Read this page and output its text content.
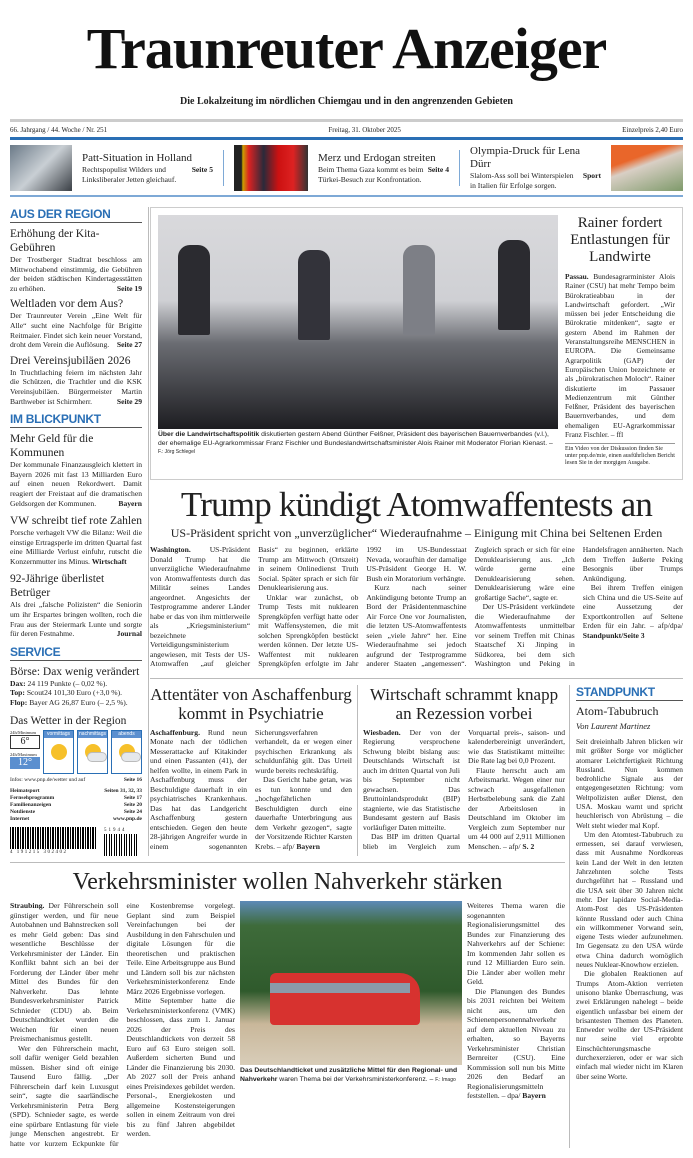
Traunreuter Anzeiger
Die Lokalzeitung im nördlichen Chiemgau und in den angrenzenden Gebieten
66. Jahrgang / 44. Woche / Nr. 251	Freitag, 31. Oktober 2025	Einzelpreis 2,40 Euro
Patt-Situation in Holland
Seite 5
Rechtspopulist Wilders und Linksliberaler Jetten gleichauf.
Merz und Erdogan streiten
Seite 4
Beim Thema Gaza kommt es beim Türkei-Besuch zur Konfrontation.
Olympia-Druck für Lena Dürr
Sport
Slalom-Ass soll bei Winterspielen in Italien für Erfolge sorgen.
AUS DER REGION
Erhöhung der Kita-Gebühren
Der Trostberger Stadtrat beschloss am Mittwochabend einstimmig, die Gebühren der beiden städtischen Kindertagesstätten zu erhöhen.	Seite 19
Weltladen vor dem Aus?
Der Traunreuter Verein „Eine Welt für Alle“ sucht eine Nachfolge für Brigitte Reitmaier. Findet sich kein neuer Vorstand, droht dem Verein die Auflösung. Seite 27
Drei Vereinsjubiläen 2026
In Truchtlaching feiern im nächsten Jahr die Schützen, die Trachtler und die KSK Vereinsjubiläen. Bürgermeister Martin Barthweber ist Schirmherr.	Seite 29
IM BLICKPUNKT
Mehr Geld für die Kommunen
Der kommunale Finanzausgleich klettert in Bayern 2026 mit fast 13 Milliarden Euro auf einen neuen Rekordwert. Damit reagiert der Freistaat auf die dramatischen Geldsorgen der Kommunen.	Bayern
VW schreibt tief rote Zahlen
Porsche verhagelt VW die Bilanz: Weil die einstige Ertragsperle im dritten Quartal fast eine Milliarde Verlust einfuhr, rutscht die Konzernmutter ins Minus. Wirtschaft
92-Jährige überlistet Betrüger
Als drei „falsche Polizisten“ die Seniorin um ihr Erspartes bringen wollten, roch die Frau aus der Steiermark Lunte und sorgte für deren Festnahme.	Journal
SERVICE
Börse: Dax wenig verändert
Dax: 24 119 Punkte (– 0,02 %).
Top: Scout24 101,30 Euro (+3,0 %).
Flop: Bayer AG 26,87 Euro (– 2,5 %).
Das Wetter in der Region
24h/Minimum
6°
24h/Maximum
12°
vormittags	nachmittags	abends
Infos: www.pnp.de/wetter und auf	Seite 16
Heimatsport	Seiten 31, 32, 33
Fernsehprogramm	Seite 17
Familienanzeigen	Seite 20
Notdienste	Seite 24
Internet	www.pnp.de
4 191215 302402
51944
Über die Landwirtschaftspolitik diskutierten gestern Abend Günther Felßner, Präsident des bayerischen Bauernverbandes (v.l.), der ehemalige EU-Agrarkommissar Franz Fischler und Bundeslandwirtschaftsminister Alois Rainer mit Moderator Florian Kienast. – F.: Jörg Schlegel
Rainer fordert Entlastungen für Landwirte
Passau. Bundesagrarminister Alois Rainer (CSU) hat mehr Tempo beim Bürokratieabbau in der Landwirtschaft gefordert. „Wir müssen bei jeder Entscheidung die Bürokratie mitdenken“, sagte er gestern Abend im Rahmen der Veranstaltungsreihe MENSCHEN in EUROPA. Die Gemeinsame Agrarpolitik (GAP) der Europäischen Union bezeichnete er als „bürokratischen Moloch“. Rainer diskutierte im Passauer Medienzentrum mit Günther Felßner, Präsident des bayerischen Bauernverbandes, und dem ehemaligen EU-Agrarkommissar Franz Fischler. – ffl
Ein Video von der Diskussion finden Sie unter pnp.de/mie, einen ausführlichen Bericht lesen Sie in der morgigen Ausgabe.
Trump kündigt Atomwaffentests an
US-Präsident spricht von „unverzüglicher“ Wiederaufnahme – Einigung mit China bei Seltenen Erden

Washington. US-Präsident Donald Trump hat die unverzügliche Wiederaufnahme von Atomwaffentests durch das Militär seines Landes angeordnet. Angesichts der Testprogramme anderer Länder habe er das von ihm mittlerweile als „Kriegsministerium“ bezeichnete Verteidigungsministerium angewiesen, mit Tests der US-Atomwaffen „auf gleicher Basis“ zu beginnen, erklärte Trump am Mittwoch (Ortszeit) in seinem Onlinedienst Truth Social. Später sprach er sich für Denuklearisierung aus.

Unklar war zunächst, ob Trump Tests mit nuklearen Sprengköpfen verfügt hatte oder mit Waffensystemen, die mit solchen Sprengköpfen bestückt werden können. Der letzte US-Waffentest mit nuklearen Sprengköpfen erfolgte im Jahr 1992 im US-Bundesstaat Nevada, woraufhin der damalige US-Präsident George H. W. Bush ein Moratorium verhängte.

Kurz nach seiner Ankündigung betonte Trump an Bord der Präsidentenmaschine Air Force One vor Journalisten, die letzten US-Atomwaffentests seien „viele Jahre“ her. Eine Wiederaufnahme sei jedoch aufgrund der Testprogramme anderer Staaten „angemessen“. Zugleich sprach er sich für eine Denuklearisierung aus. „Ich würde gerne eine Denuklearisierung sehen. Denuklearisierung wäre eine großartige Sache“, sagte er.

Der US-Präsident verkündete die Wiederaufnahme der Atomwaffentests unmittelbar vor seinem Treffen mit Chinas Staatschef Xi Jinping in Südkorea, bei dem sich Washington und Peking in Handelsfragen annäherten. Nach dem Treffen äußerte Peking Besorgnis über Trumps Ankündigung.

Bei ihrem Treffen einigen sich China und die US-Seite auf eine Aussetzung der Exportkontrollen auf Seltene Erden für ein Jahr. – afp/dpa/ Standpunkt/Seite 3

Attentäter von Aschaffenburg kommt in Psychiatrie

Aschaffenburg. Rund neun Monate nach der tödlichen Messerattacke auf Kitakinder und einen Passanten (41), der helfen wollte, in einem Park in Aschaffenburg muss der Beschuldigte dauerhaft in ein psychiatrisches Krankenhaus. Das hat das Landgericht Aschaffenburg gestern entschieden. Gegen den heute 28-jährigen Angreifer wurde in einem sogenannten Sicherungsverfahren verhandelt, da er wegen einer psychischen Erkrankung als schuldunfähig gilt. Das Urteil wurde bereits rechtskräftig.

Das Gericht habe getan, was es tun konnte und den „hochgefährlichen Beschuldigten durch eine dauerhafte Unterbringung aus dem Verkehr gezogen“, sagte der Vorsitzende Richter Karsten Krebs. – afp/ Bayern

Wirtschaft schrammt knapp an Rezession vorbei

Wiesbaden. Der von der Regierung versprochene Schwung bleibt bislang aus: Deutschlands Wirtschaft ist auch im dritten Quartal von Juli bis September nicht gewachsen. Das Bruttoinlandsprodukt (BIP) stagnierte, wie das Statistische Bundesamt gestern auf Basis vorläufiger Daten mitteilte.

Das BIP im dritten Quartal blieb im Vergleich zum Vorquartal preis-, saison- und kalenderbereinigt unverändert, wie das Statistikamt mitteilte: Die Rate lag bei 0,0 Prozent.

Flaute herrscht auch am Arbeitsmarkt. Wegen einer nur schwach ausgefallenen Herbstbelebung sank die Zahl der Arbeitslosen in Deutschland im Oktober im Vergleich zum September nur um 44 000 auf 2,911 Millionen Menschen. – afp/ S. 2

STANDPUNKT
Atom-Tabubruch
Von Laurent Martinez

Seit dreieinhalb Jahren blicken wir mit größter Sorge vor möglicher atomarer Leichtfertigkeit Richtung Russland. Nun kommen bedrohliche Signale aus der entgegengesetzten Richtung: vom Weltpolizisten außer Dienst, den USA. Moskau warnt und spricht heuchlerisch von Abrüstung – die Welt steht wieder mal Kopf.

Um den Atomtest-Tabubruch zu ermessen, sei darauf verwiesen, dass mit Ausnahme Nordkoreas kein Land der Welt in den letzten Jahrzehnten solche Tests durchgeführt hat – Russland und die USA seit über 30 Jahren nicht mehr. Der lapidare Social-Media-Atom-Post des US-Präsidenten könnte Russland oder auch China ein willkommener Vorwand sein, eigene Tests wieder aufzunehmen. Im Gegensatz zu den USA würde etwa China dadurch womöglich neues Nuklear-Knowhow erzielen.

Die globalen Reaktionen auf Trumps Atom-Aktion verrieten unisono blanke Überraschung, was zwei Erklärungen nahelegt – beide eigentlich unfassbar bei einem der brisantesten Themen des Planeten. Entweder wollte der US-Präsident nur seine viel erprobte Einschüchterungsmasche durchexerzieren, oder er war sich einfach mal wieder nicht im Klaren über seine Worte.

Verkehrsminister wollen Nahverkehr stärken

Straubing. Der Führerschein soll günstiger werden, und für neue Autobahnen und Bahnstrecken soll es mehr Geld geben: Das sind wesentliche Beschlüsse der Verkehrsminister der Länder. Ein Konflikt bahnt sich an bei der Forderung der Länder über mehr Mittel des Bundes für den Nahverkehr. Das lehnte Bundesverkehrsminister Patrick Schnieder (CDU) ab. Beim Deutschlandticket wurden die Weichen für einen neuen Preismechanismus gestellt.

Wer den Führerschein macht, soll dafür weniger Geld bezahlen müssen. Bisher sind oft einige Tausend Euro fällig. „Der Führerschein darf kein Luxusgut sein“, sagte die saarländische Verkehrsministerin Petra Berg (SPD). Schnieder sagte, es werde eine spürbare Entlastung für viele junge Menschen angestrebt. Er hatte vor kurzem Eckpunkte für eine Kostenbremse vorgelegt. Geplant sind zum Beispiel Vereinfachungen bei der Ausbildung in den Fahrschulen und digitale Lösungen für die theoretischen und praktischen Teile. Eine Arbeitsgruppe aus Bund und Ländern soll bis zur nächsten Verkehrsministerkonferenz Ende März 2026 Ergebnisse vorlegen.

Mitte September hatte die Verkehrsministerkonferenz (VMK) beschlossen, dass zum 1. Januar 2026 der Preis des Deutschlandtickets von derzeit 58 Euro auf 63 Euro steigen soll. Außerdem sicherten Bund und Länder die Finanzierung bis 2030. Ab 2027 soll der Preis anhand eines Preisindexes gebildet werden. Personal-, Energiekosten und allgemeine Kostensteigerungen sollen in einem Zeitraum von drei bis zu fünf Jahren abgebildet werden.

Das Deutschlandticket und zusätzliche Mittel für den Regional- und Nahverkehr waren Thema bei der Verkehrsministerkonferenz. – F.: Imago

Weiteres Thema waren die sogenannten Regionalisierungsmittel des Bundes zur Finanzierung des Nahverkehrs auf der Schiene: Im kommenden Jahr sollen es rund 12 Milliarden Euro sein. Die Länder aber wollen mehr Geld.

Die Planungen des Bundes bis 2031 reichten bei Weitem nicht aus, um den Schienenpersonennahverkehr auf dem aktuellen Niveau zu erhalten, so Bayerns Verkehrsminister Christian Bernreiter (CSU). Eine Kommission soll nun bis Mitte 2026 den Bedarf an Regionalisierungsmitteln feststellen. – dpa/ Bayern
